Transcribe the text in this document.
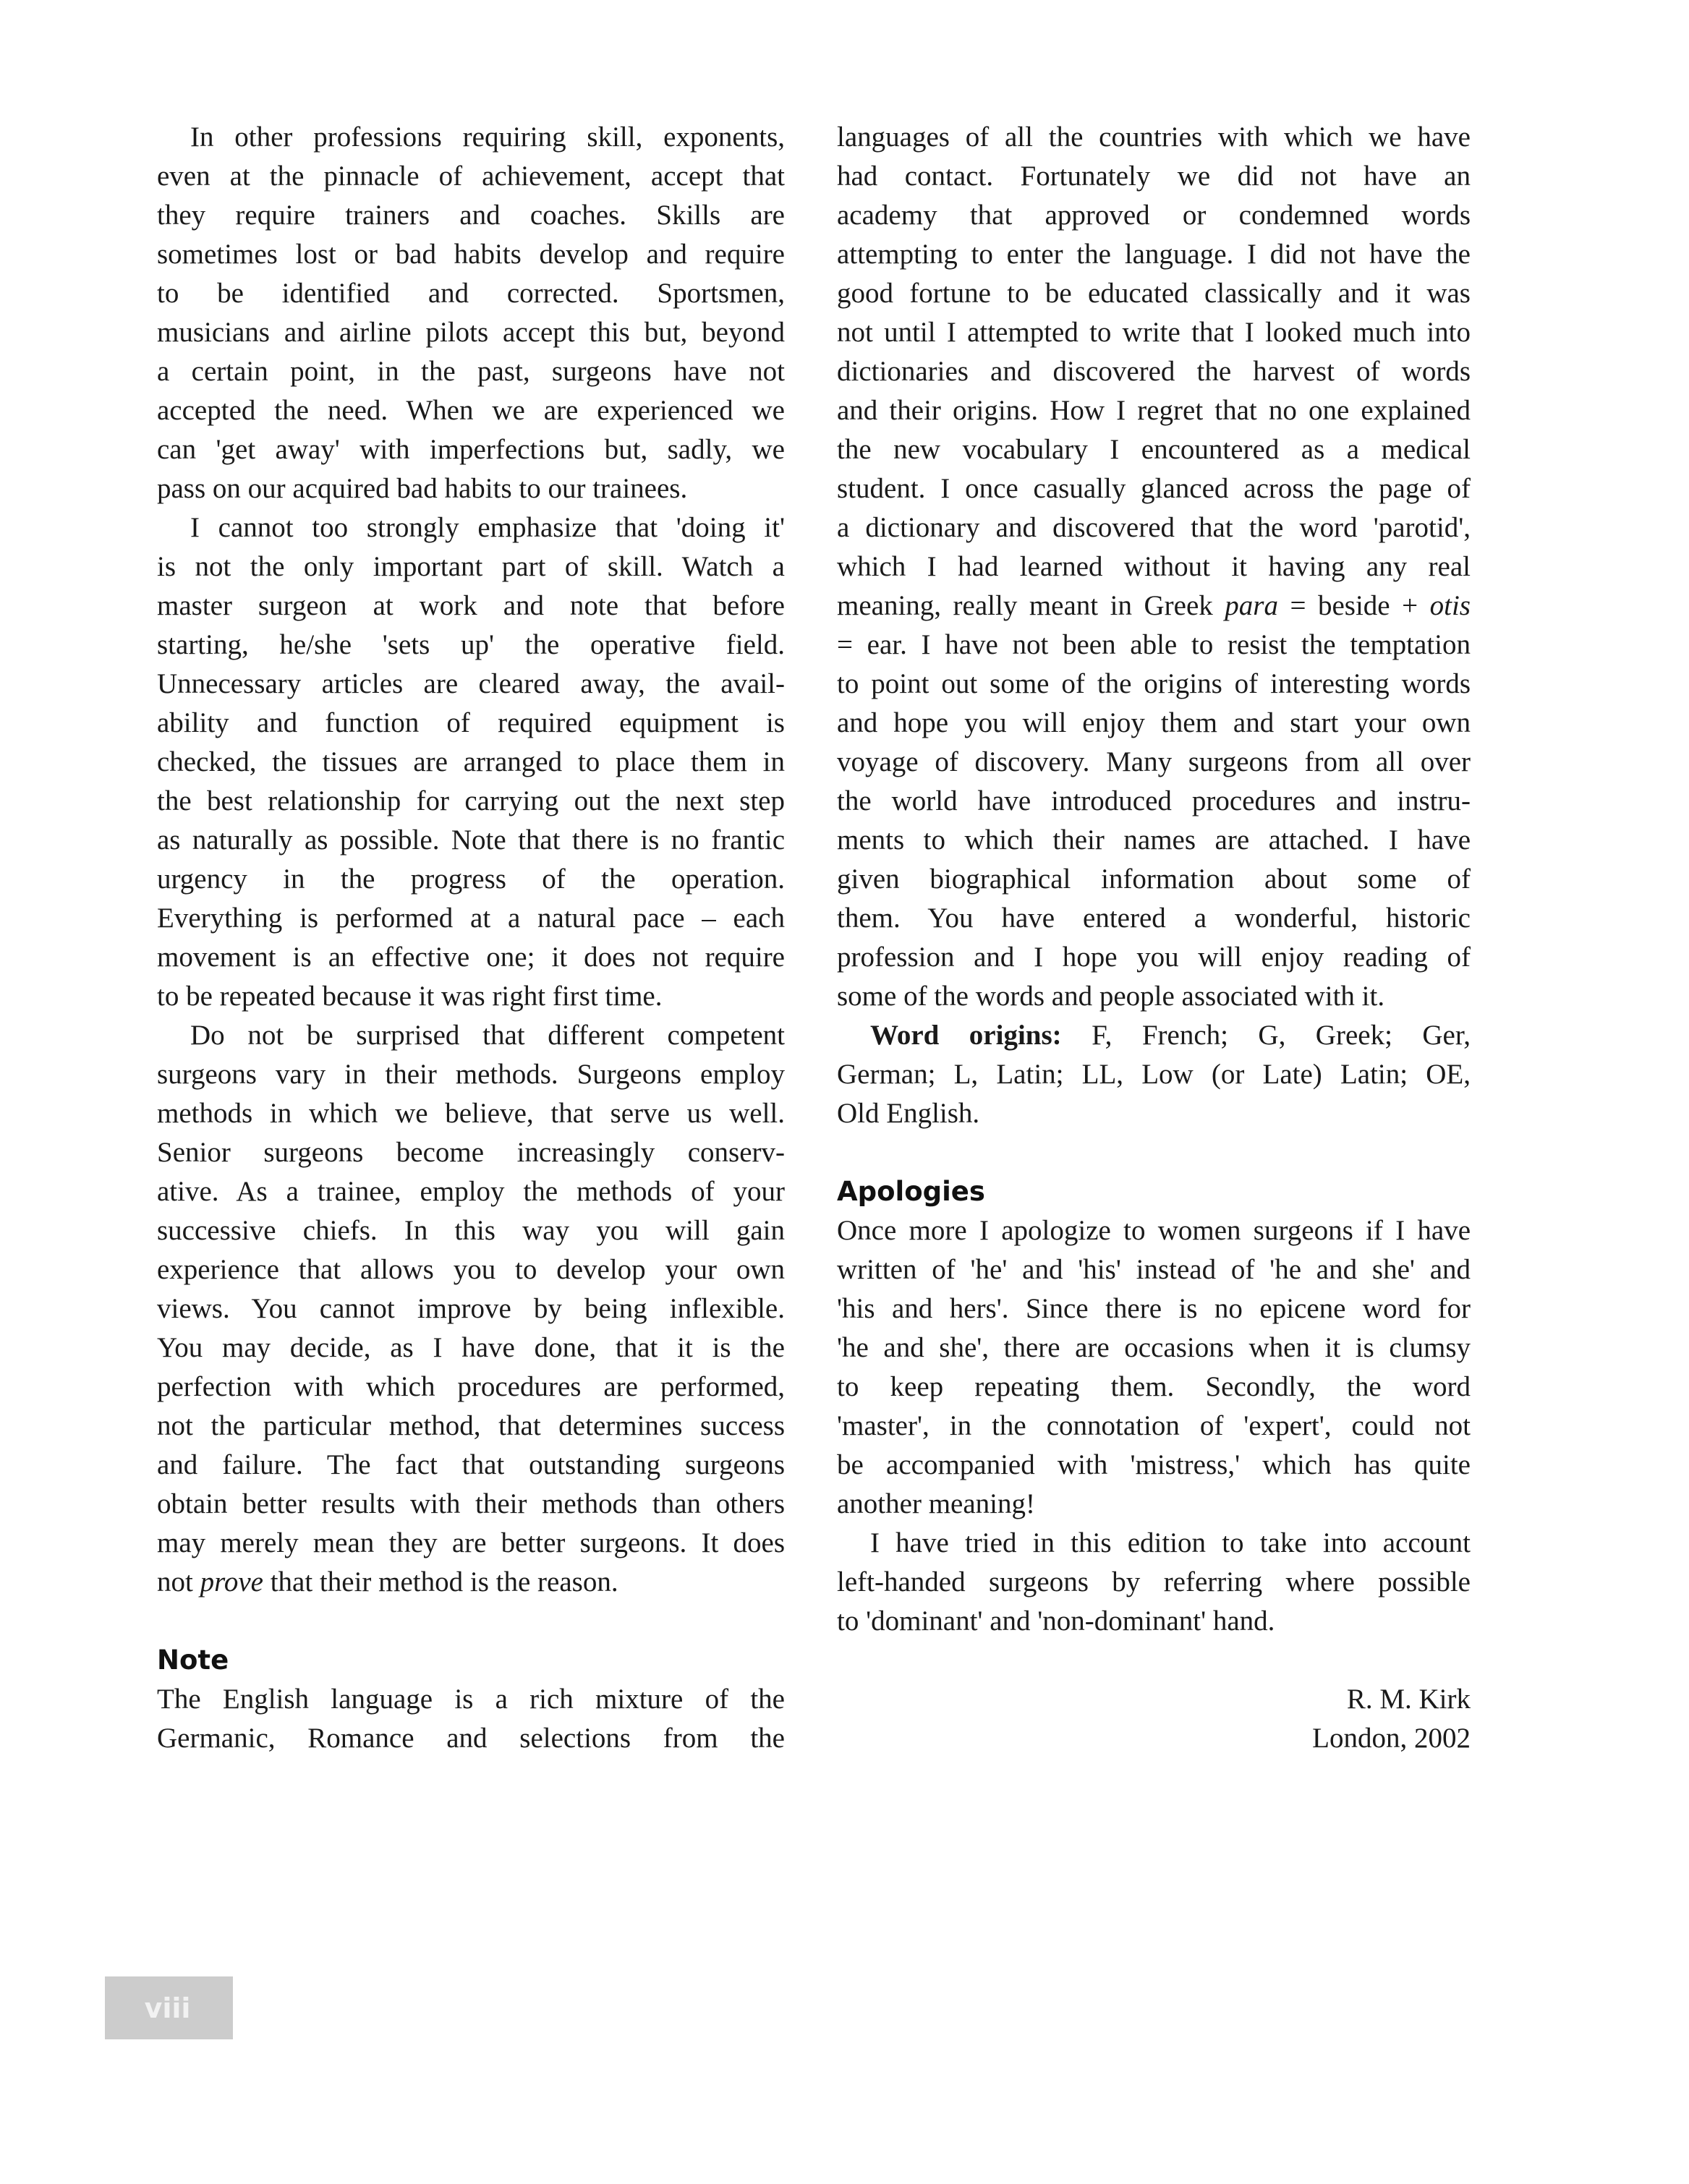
In other professions requiring skill, exponents,
even at the pinnacle of achievement, accept that
they require trainers and coaches. Skills are
sometimes lost or bad habits develop and require
to be identified and corrected. Sportsmen,
musicians and airline pilots accept this but, beyond
a certain point, in the past, surgeons have not
accepted the need. When we are experienced we
can 'get away' with imperfections but, sadly, we
pass on our acquired bad habits to our trainees.
I cannot too strongly emphasize that 'doing it'
is not the only important part of skill. Watch a
master surgeon at work and note that before
starting, he/she 'sets up' the operative field.
Unnecessary articles are cleared away, the avail-
ability and function of required equipment is
checked, the tissues are arranged to place them in
the best relationship for carrying out the next step
as naturally as possible. Note that there is no frantic
urgency in the progress of the operation.
Everything is performed at a natural pace – each
movement is an effective one; it does not require
to be repeated because it was right first time.
Do not be surprised that different competent
surgeons vary in their methods. Surgeons employ
methods in which we believe, that serve us well.
Senior surgeons become increasingly conserv-
ative. As a trainee, employ the methods of your
successive chiefs. In this way you will gain
experience that allows you to develop your own
views. You cannot improve by being inflexible.
You may decide, as I have done, that it is the
perfection with which procedures are performed,
not the particular method, that determines success
and failure. The fact that outstanding surgeons
obtain better results with their methods than others
may merely mean they are better surgeons. It does
not prove that their method is the reason.
Note
The English language is a rich mixture of the
Germanic, Romance and selections from the
languages of all the countries with which we have
had contact. Fortunately we did not have an
academy that approved or condemned words
attempting to enter the language. I did not have the
good fortune to be educated classically and it was
not until I attempted to write that I looked much into
dictionaries and discovered the harvest of words
and their origins. How I regret that no one explained
the new vocabulary I encountered as a medical
student. I once casually glanced across the page of
a dictionary and discovered that the word 'parotid',
which I had learned without it having any real
meaning, really meant in Greek para = beside + otis
= ear. I have not been able to resist the temptation
to point out some of the origins of interesting words
and hope you will enjoy them and start your own
voyage of discovery. Many surgeons from all over
the world have introduced procedures and instru-
ments to which their names are attached. I have
given biographical information about some of
them. You have entered a wonderful, historic
profession and I hope you will enjoy reading of
some of the words and people associated with it.
Word origins: F, French; G, Greek; Ger,
German; L, Latin; LL, Low (or Late) Latin; OE,
Old English.
Apologies
Once more I apologize to women surgeons if I have
written of 'he' and 'his' instead of 'he and she' and
'his and hers'. Since there is no epicene word for
'he and she', there are occasions when it is clumsy
to keep repeating them. Secondly, the word
'master', in the connotation of 'expert', could not
be accompanied with 'mistress,' which has quite
another meaning!
I have tried in this edition to take into account
left-handed surgeons by referring where possible
to 'dominant' and 'non-dominant' hand.
R. M. Kirk
London, 2002
viii
